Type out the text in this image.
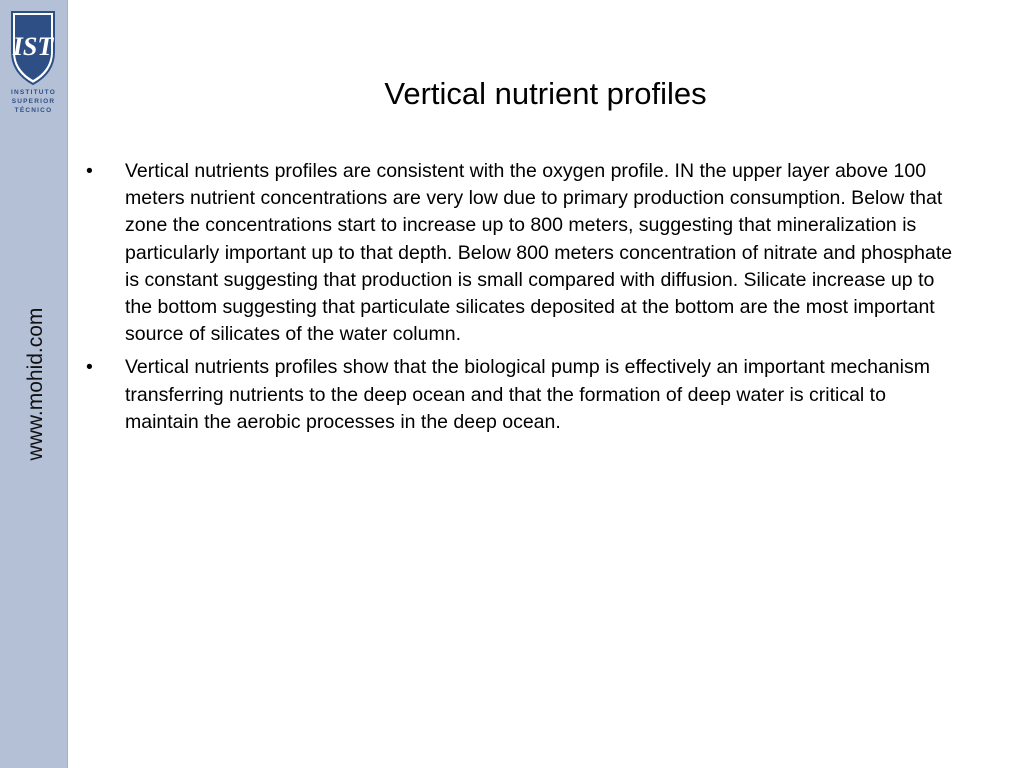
IST
INSTITUTO
SUPERIOR
TÉCNICO
www.mohid.com
Vertical nutrient profiles
• Vertical nutrients profiles are consistent with the oxygen profile. IN the upper layer above 100 meters nutrient concentrations are very low due to primary production consumption. Below that zone the concentrations start to increase up to 800 meters, suggesting that mineralization is particularly important up to that depth. Below 800 meters concentration of nitrate and phosphate is constant suggesting that production is small compared with diffusion. Silicate increase up to the bottom suggesting that particulate silicates deposited at the bottom are the most important source of silicates of the water column.
• Vertical nutrients profiles show that the biological pump is effectively an important mechanism transferring nutrients to the deep ocean and that the formation of deep water is critical to maintain the aerobic processes in the deep ocean.
